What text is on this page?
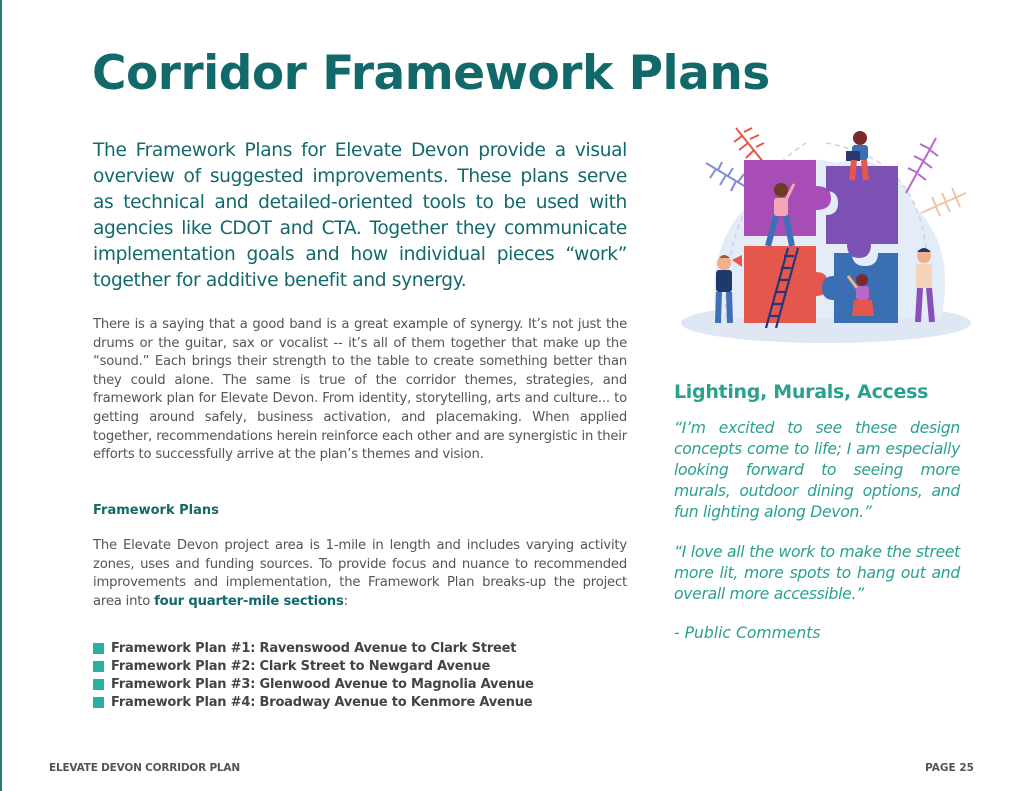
Corridor Framework Plans

The Framework Plans for Elevate Devon provide a visual overview of suggested improvements. These plans serve as technical and detailed-oriented tools to be used with agencies like CDOT and CTA. Together they communicate implementation goals and how individual pieces “work” together for additive benefit and synergy.

There is a saying that a good band is a great example of synergy. It’s not just the drums or the guitar, sax or vocalist -- it’s all of them together that make up the “sound.” Each brings their strength to the table to create something better than they could alone. The same is true of the corridor themes, strategies, and framework plan for Elevate Devon. From identity, storytelling, arts and culture... to getting around safely, business activation, and placemaking. When applied together, recommendations herein reinforce each other and are synergistic in their efforts to successfully arrive at the plan’s themes and vision.

Framework Plans

The Elevate Devon project area is 1-mile in length and includes varying activity zones, uses and funding sources. To provide focus and nuance to recommended improvements and implementation, the Framework Plan breaks-up the project area into four quarter-mile sections:

Framework Plan #1: Ravenswood Avenue to Clark Street
Framework Plan #2: Clark Street to Newgard Avenue
Framework Plan #3: Glenwood Avenue to Magnolia Avenue
Framework Plan #4: Broadway Avenue to Kenmore Avenue
Lighting, Murals, Access

“I’m excited to see these design concepts come to life; I am especially looking forward to seeing more murals, outdoor dining options, and fun lighting along Devon.”

“I love all the work to make the street more lit, more spots to hang out and overall more accessible.”

- Public Comments

ELEVATE DEVON CORRIDOR PLAN	PAGE 25
